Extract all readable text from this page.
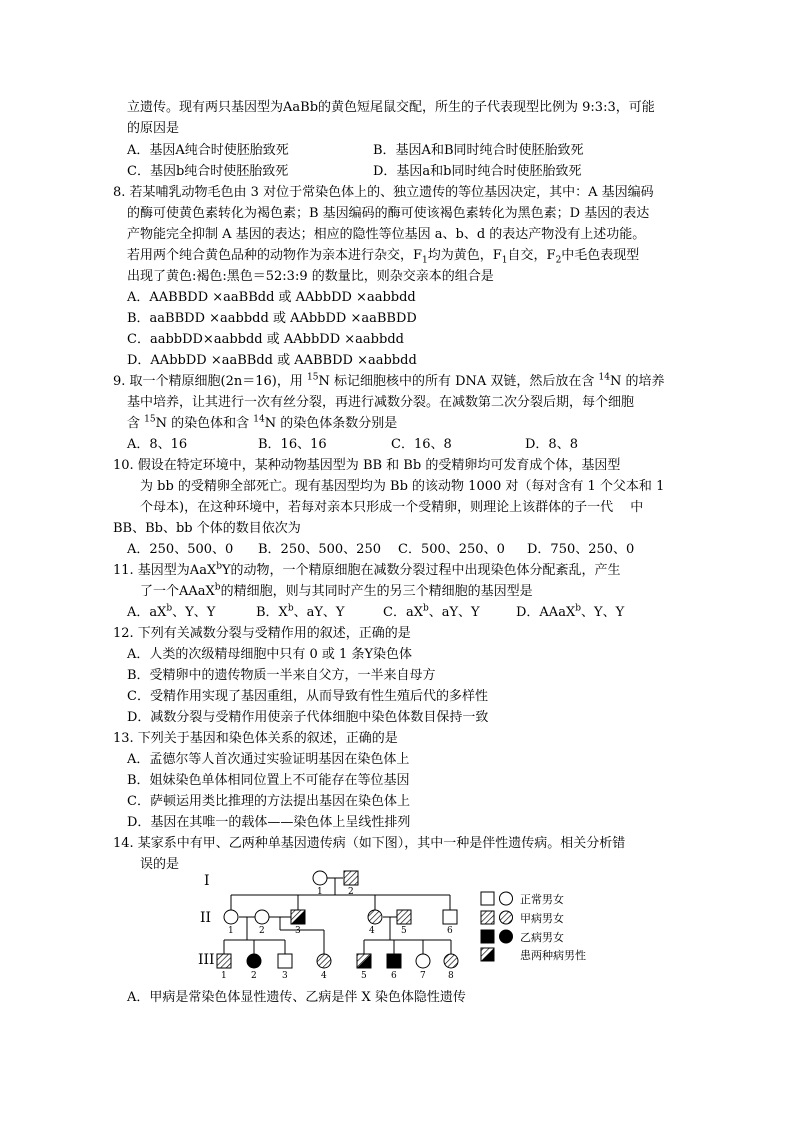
立遗传。现有两只基因型为AaBb的黄色短尾鼠交配，所生的子代表现型比例为 9:3:3，可能
的原因是
A．基因A纯合时使胚胎致死	B．基因A和B同时纯合时使胚胎致死
C．基因b纯合时使胚胎致死	D．基因a和b同时纯合时使胚胎致死
8. 若某哺乳动物毛色由 3 对位于常染色体上的、独立遗传的等位基因决定，其中：A 基因编码
的酶可使黄色素转化为褐色素；B 基因编码的酶可使该褐色素转化为黑色素；D 基因的表达
产物能完全抑制 A 基因的表达；相应的隐性等位基因 a、b、d 的表达产物没有上述功能。
若用两个纯合黄色品种的动物作为亲本进行杂交，$F_1$均为黄色，$F_1$自交，$F_2$中毛色表现型
出现了黄色:褐色:黑色＝52:3:9 的数量比，则杂交亲本的组合是
A．AABBDD ×aaBBdd 或 AAbbDD ×aabbdd
B．aaBBDD ×aabbdd 或 AAbbDD ×aaBBDD
C．aabbDD×aabbdd 或 AAbbDD ×aabbdd
D．AAbbDD ×aaBBdd 或 AABBDD ×aabbdd
9. 取一个精原细胞(2n＝16)，用 $^{15}$N 标记细胞核中的所有 DNA 双链，然后放在含 $^{14}$N 的培养
基中培养，让其进行一次有丝分裂，再进行减数分裂。在减数第二次分裂后期，每个细胞
含 $^{15}$N 的染色体和含 $^{14}$N 的染色体条数分别是
A．8、16	B．16、16	C．16、8	D．8、8
10. 假设在特定环境中，某种动物基因型为 BB 和 Bb 的受精卵均可发育成个体，基因型
为 bb 的受精卵全部死亡。现有基因型均为 Bb 的该动物 1000 对（每对含有 1 个父本和 1
个母本)，在这种环境中，若每对亲本只形成一个受精卵，则理论上该群体的子一代　 中
BB、Bb、bb 个体的数目依次为
A．250、500、0 B．250、500、250 C．500、250、0 D．750、250、0
11. 基因型为AaX$^b$Y的动物，一个精原细胞在减数分裂过程中出现染色体分配紊乱，产生
了一个AAaX$^b$的精细胞，则与其同时产生的另三个精细胞的基因型是
A．$aX^b$、Y、Y	B．$X^b$、aY、Y	C．$aX^b$、aY、Y	D．AAaX$^b$、Y、Y
12. 下列有关减数分裂与受精作用的叙述，正确的是
A．人类的次级精母细胞中只有 0 或 1 条Y染色体
B．受精卵中的遗传物质一半来自父方，一半来自母方
C．受精作用实现了基因重组，从而导致有性生殖后代的多样性
D．减数分裂与受精作用使亲子代体细胞中染色体数目保持一致
13. 下列关于基因和染色体关系的叙述，正确的是
A．孟德尔等人首次通过实验证明基因在染色体上
B．姐妹染色单体相同位置上不可能存在等位基因
C．萨顿运用类比推理的方法提出基因在染色体上
D．基因在其唯一的载体——染色体上呈线性排列
14. 某家系中有甲、乙两种单基因遗传病（如下图），其中一种是伴性遗传病。相关分析错
误的是
I
II
III
1	2
1	2	3	4	5	6
1	2	3	4	5	6	7 8
正常男女
甲病男女
乙病男女
患两种病男性
A．甲病是常染色体显性遗传、乙病是伴 X 染色体隐性遗传
